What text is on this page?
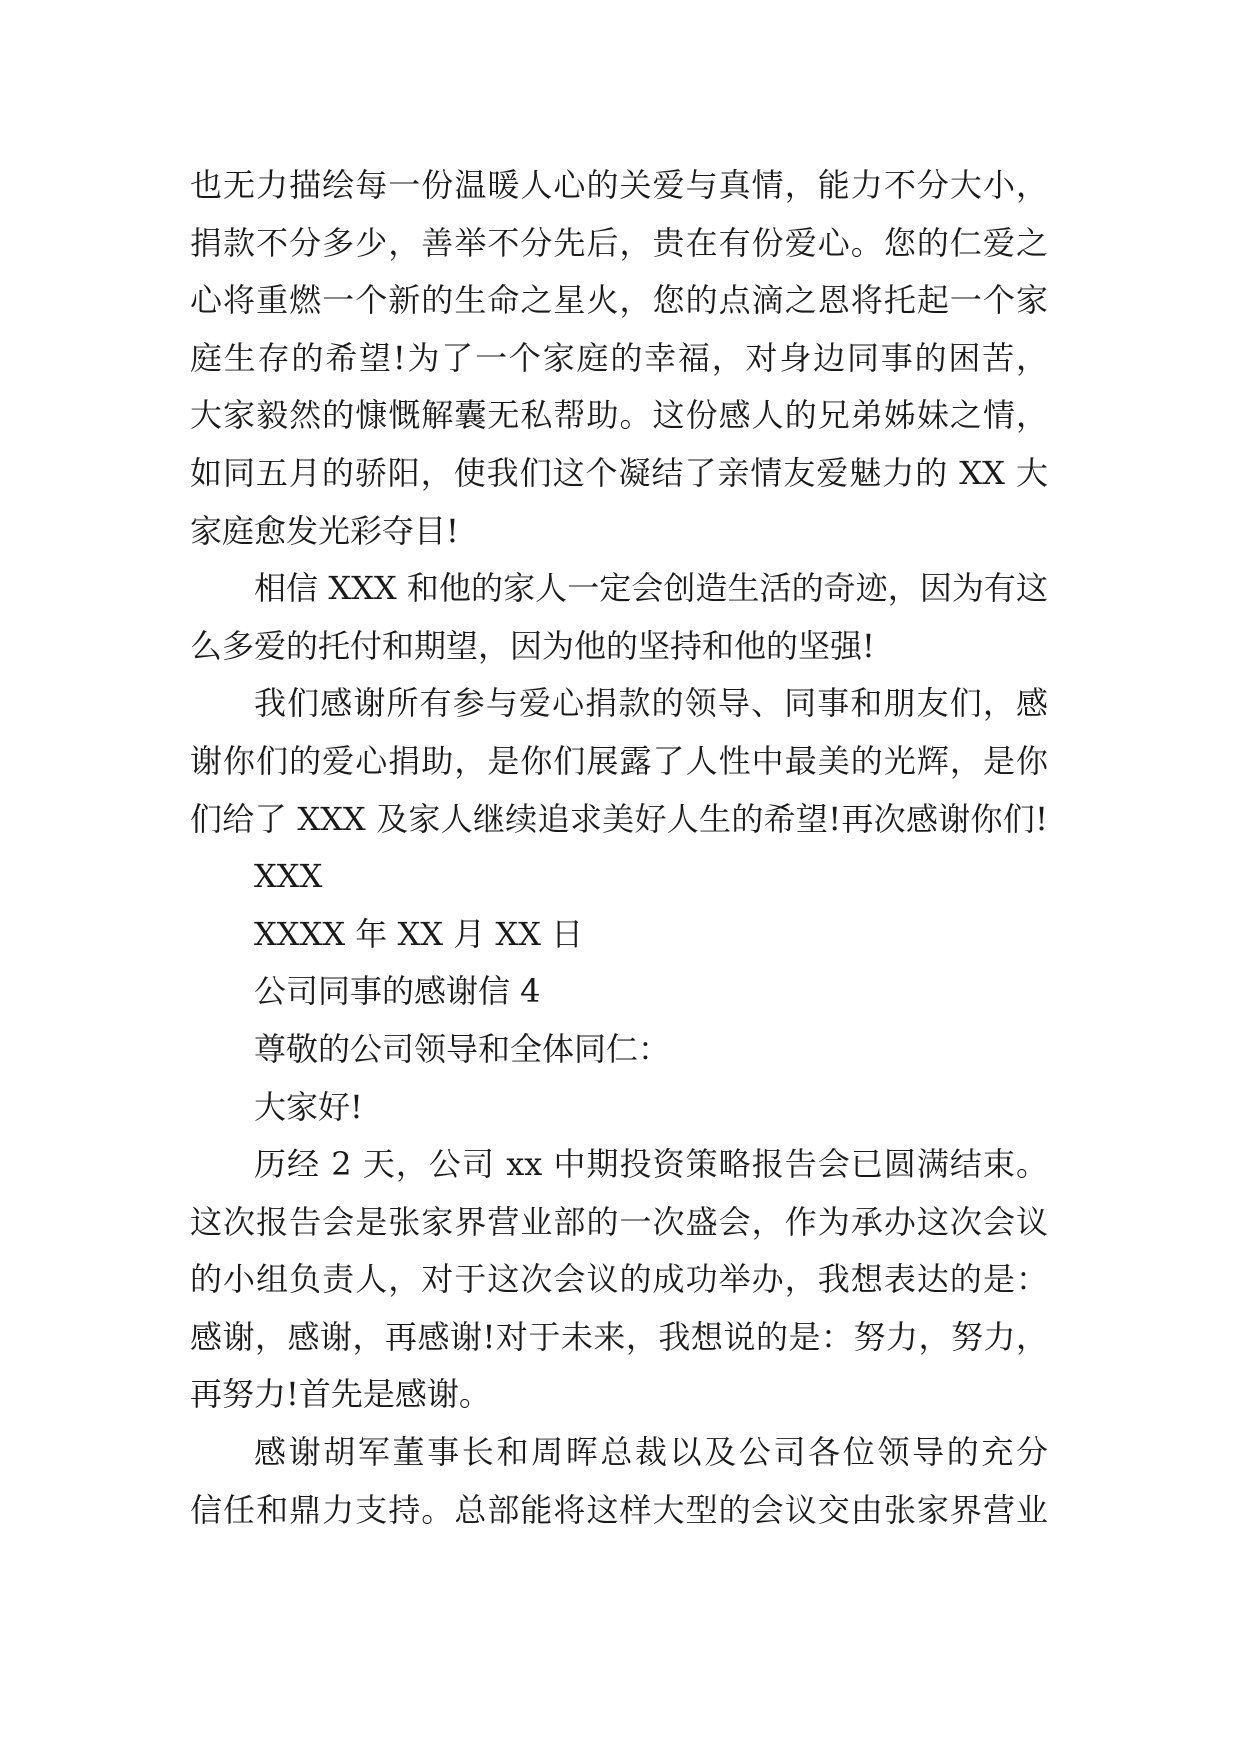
也无力描绘每一份温暖人心的关爱与真情，能力不分大小，
捐款不分多少，善举不分先后，贵在有份爱心。您的仁爱之
心将重燃一个新的生命之星火，您的点滴之恩将托起一个家
庭生存的希望!为了一个家庭的幸福，对身边同事的困苦，
大家毅然的慷慨解囊无私帮助。这份感人的兄弟姊妹之情，
如同五月的骄阳，使我们这个凝结了亲情友爱魅力的 XX 大
家庭愈发光彩夺目!
相信 XXX 和他的家人一定会创造生活的奇迹，因为有这
么多爱的托付和期望，因为他的坚持和他的坚强!
我们感谢所有参与爱心捐款的领导、同事和朋友们，感
谢你们的爱心捐助，是你们展露了人性中最美的光辉，是你
们给了 XXX 及家人继续追求美好人生的希望!再次感谢你们!
XXX
XXXX 年 XX 月 XX 日
公司同事的感谢信 4
尊敬的公司领导和全体同仁：
大家好!
历经 2 天，公司 xx 中期投资策略报告会已圆满结束。
这次报告会是张家界营业部的一次盛会，作为承办这次会议
的小组负责人，对于这次会议的成功举办，我想表达的是：
感谢，感谢，再感谢!对于未来，我想说的是：努力，努力，
再努力!首先是感谢。
感谢胡军董事长和周晖总裁以及公司各位领导的充分
信任和鼎力支持。总部能将这样大型的会议交由张家界营业
